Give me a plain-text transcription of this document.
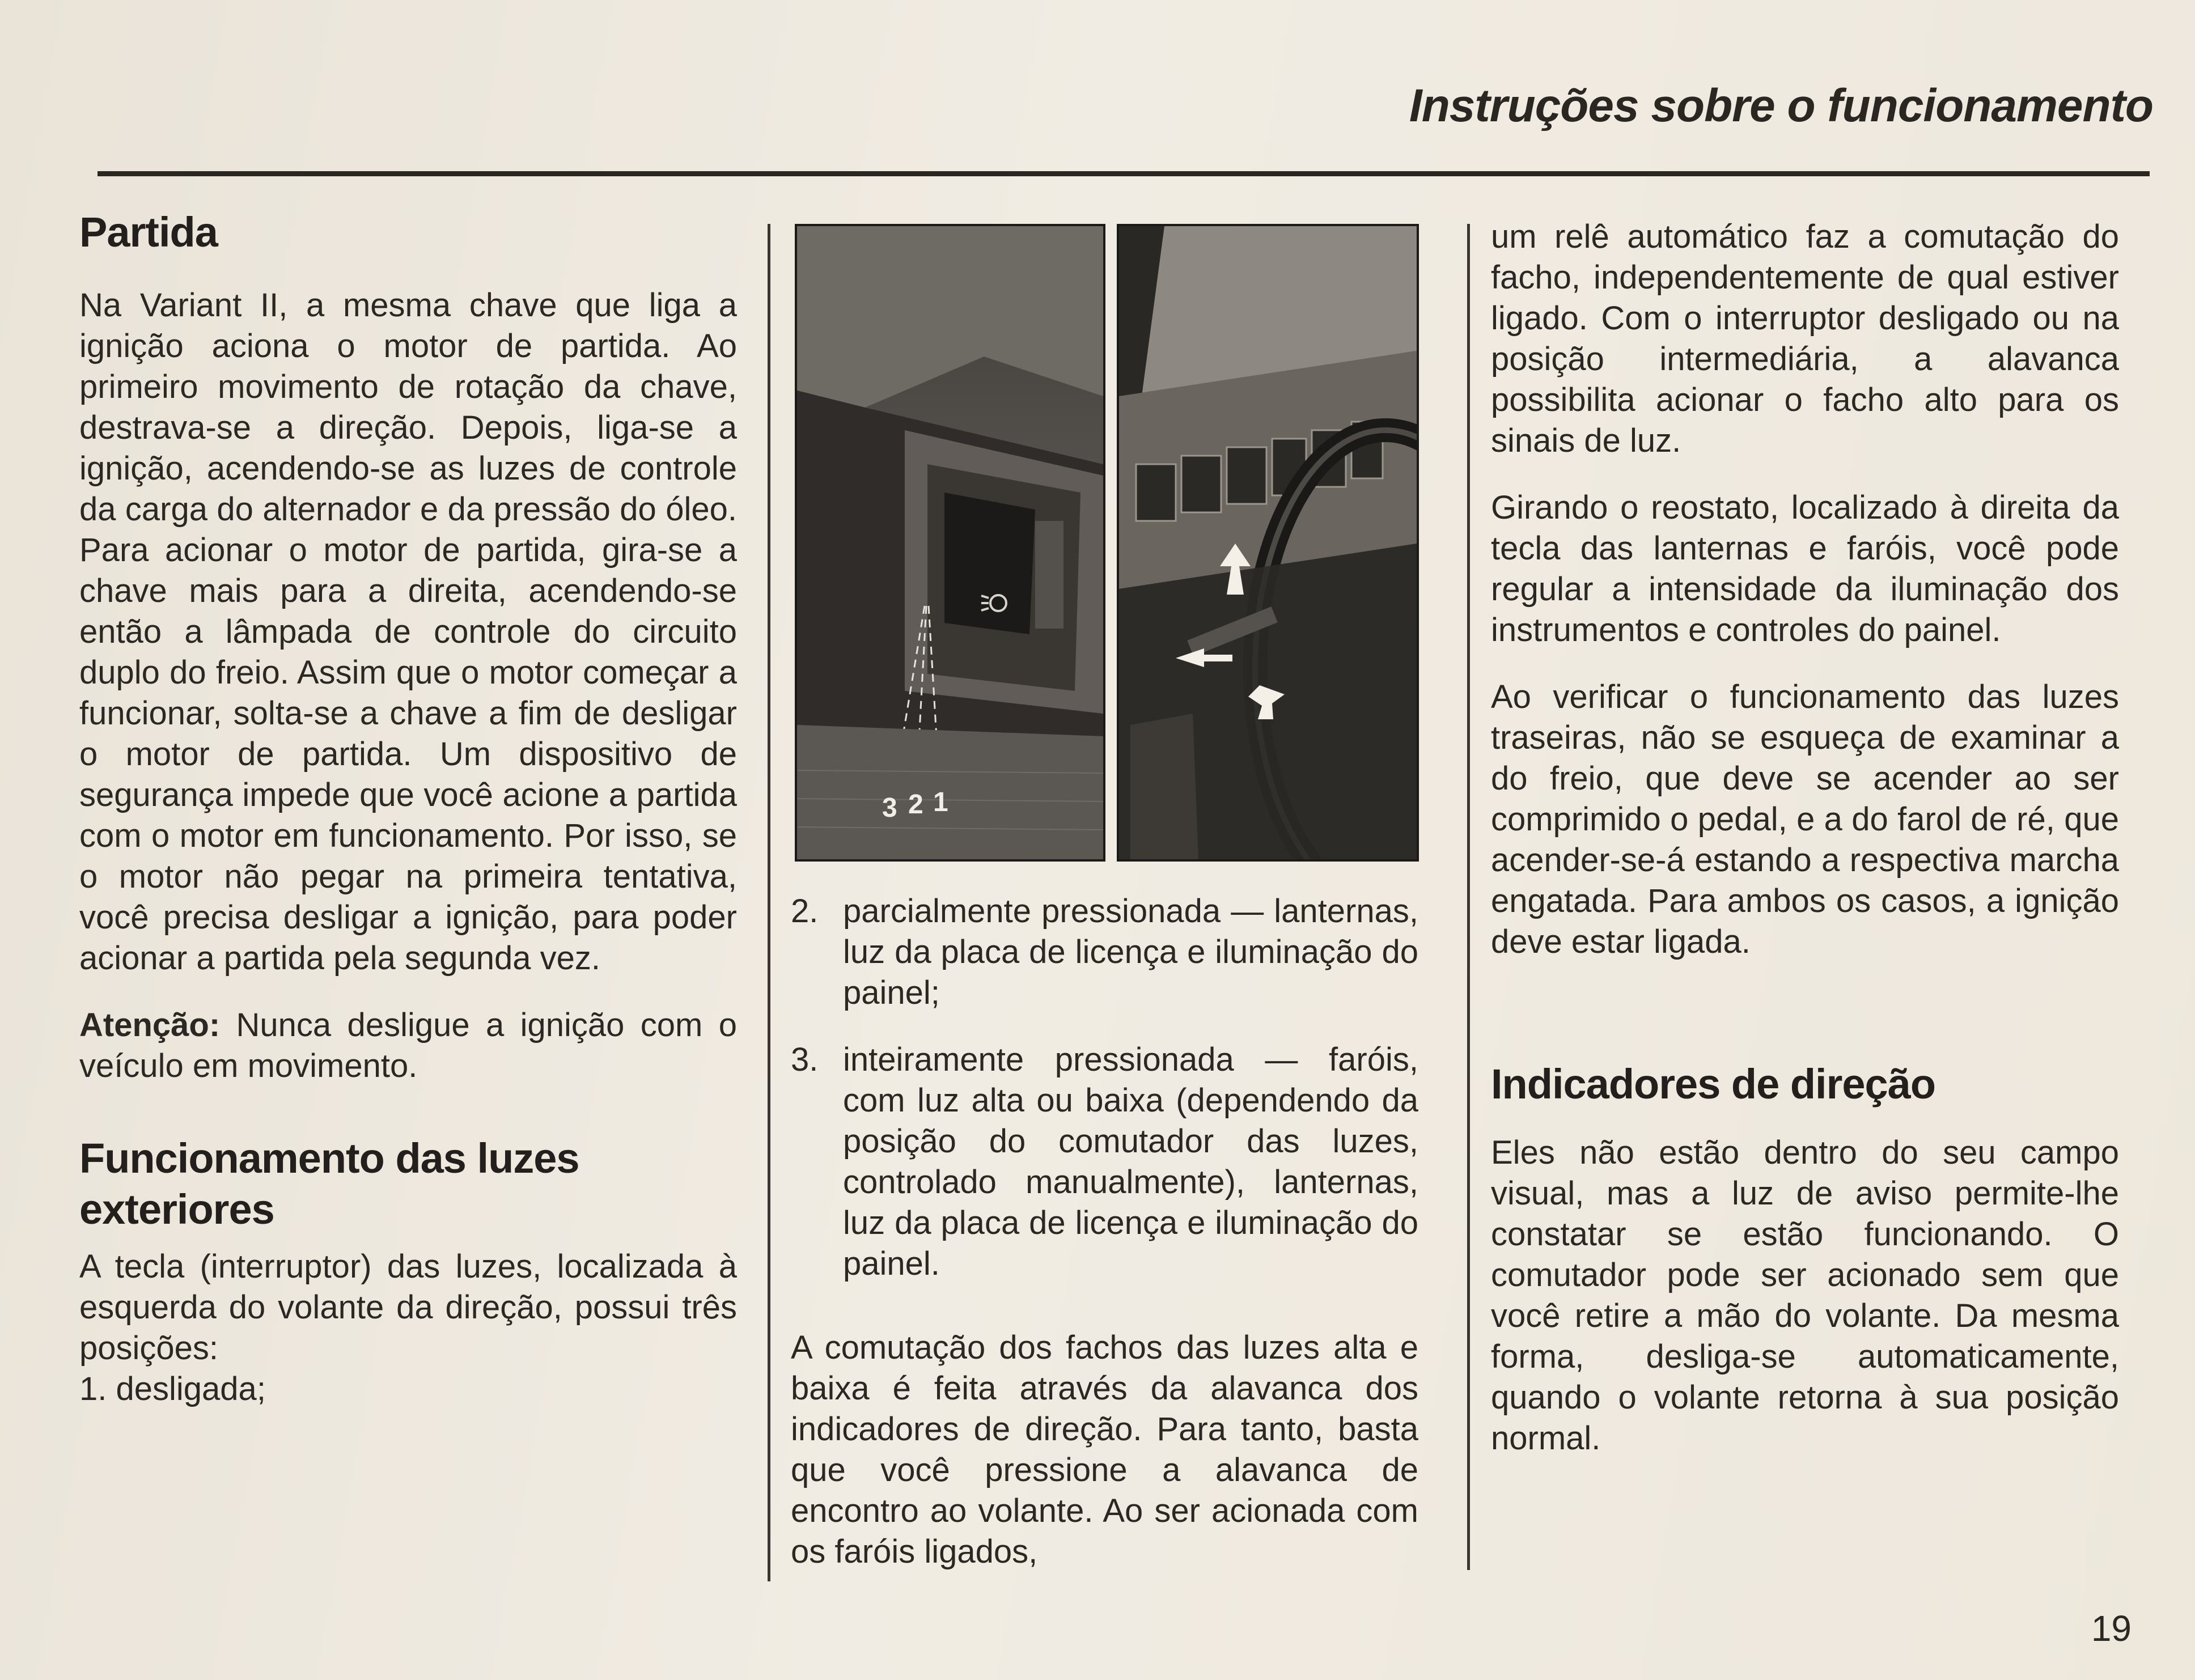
Instruções sobre o funcionamento
Partida

Na Variant II, a mesma chave que liga a ignição aciona o motor de partida. Ao primeiro movimento de rotação da chave, destrava-se a direção. Depois, liga-se a ignição, acendendo-se as luzes de controle da carga do alternador e da pressão do óleo. Para acionar o motor de partida, gira-se a chave mais para a direita, acendendo-se então a lâmpada de controle do circuito duplo do freio. Assim que o motor começar a funcionar, solta-se a chave a fim de desligar o motor de partida. Um dispositivo de segurança impede que você acione a partida com o motor em funcionamento. Por isso, se o motor não pegar na primeira tentativa, você precisa desligar a ignição, para poder acionar a partida pela segunda vez.

Atenção: Nunca desligue a ignição com o veículo em movimento.

Funcionamento das luzes exteriores

A tecla (interruptor) das luzes, localizada à esquerda do volante da direção, possui três posições:

1. desligada;

3 2 1
2. parcialmente pressionada — lanternas, luz da placa de licença e iluminação do painel;
3. inteiramente pressionada — faróis, com luz alta ou baixa (dependendo da posição do comutador das luzes, controlado manualmente), lanternas, luz da placa de licença e iluminação do painel.

A comutação dos fachos das luzes alta e baixa é feita através da alavanca dos indicadores de direção. Para tanto, basta que você pressione a alavanca de encontro ao volante. Ao ser acionada com os faróis ligados,

um relê automático faz a comutação do facho, independentemente de qual estiver ligado. Com o interruptor desligado ou na posição intermediária, a alavanca possibilita acionar o facho alto para os sinais de luz.

Girando o reostato, localizado à direita da tecla das lanternas e faróis, você pode regular a intensidade da iluminação dos instrumentos e controles do painel.

Ao verificar o funcionamento das luzes traseiras, não se esqueça de examinar a do freio, que deve se acender ao ser comprimido o pedal, e a do farol de ré, que acender-se-á estando a respectiva marcha engatada. Para ambos os casos, a ignição deve estar ligada.

Indicadores de direção

Eles não estão dentro do seu campo visual, mas a luz de aviso permite-lhe constatar se estão funcionando. O comutador pode ser acionado sem que você retire a mão do volante. Da mesma forma, desliga-se automaticamente, quando o volante retorna à sua posição normal.

19
